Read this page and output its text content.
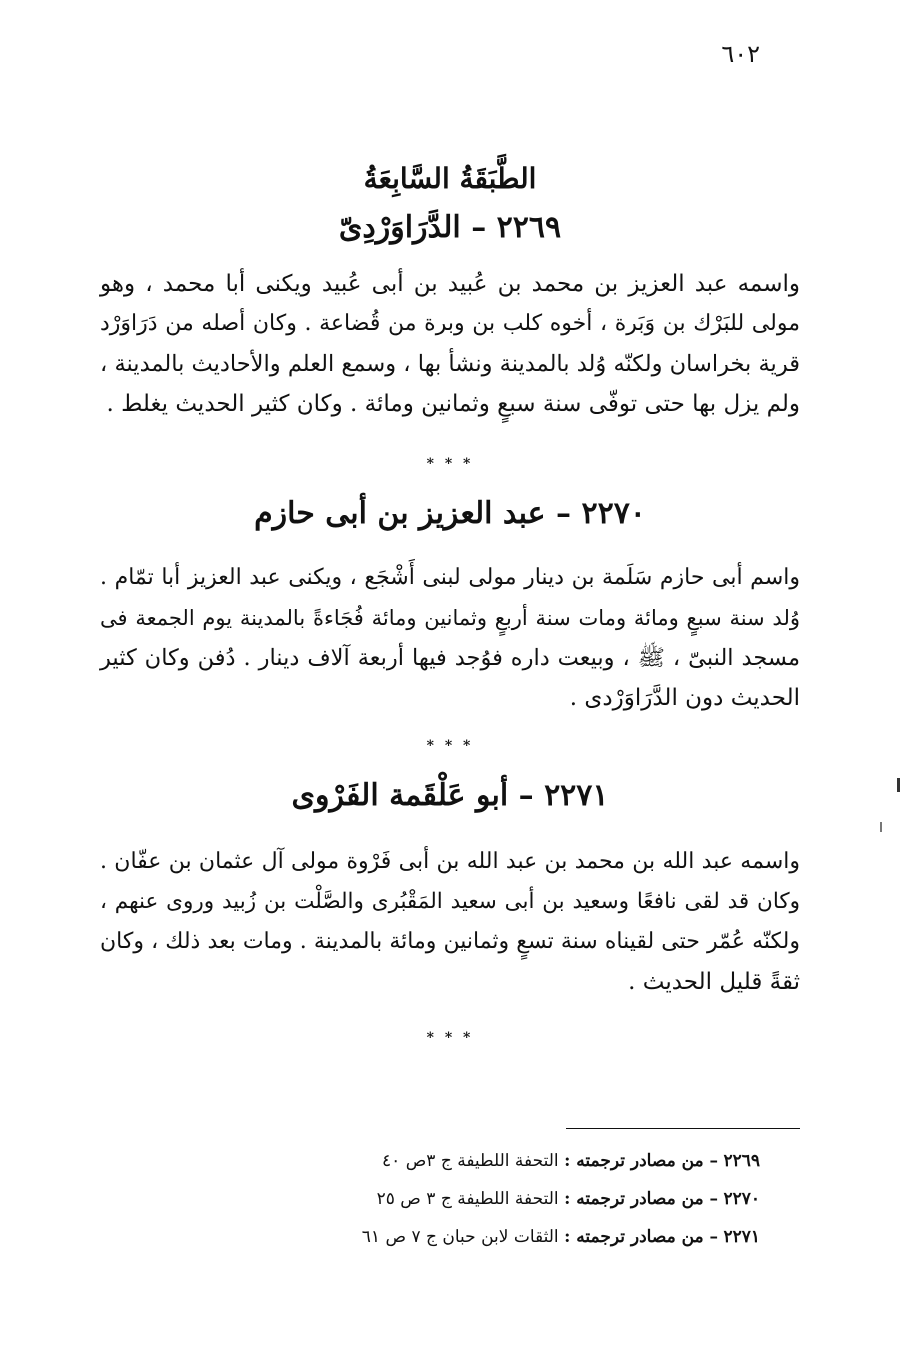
٦٠٢
الطَّبَقَةُ السَّابِعَةُ
٢٢٦٩ – الدَّرَاوَرْدِىّ
واسمه عبد العزيز بن محمد بن عُبيد بن أبى عُبيد ويكنى أبا محمد ، وهو
مولى للبَرْك بن وَبَرة ، أخوه كلب بن وبرة من قُضاعة . وكان أصله من دَرَاوَرْد
قرية بخراسان ولكنّه وُلد بالمدينة ونشأ بها ، وسمع العلم والأحاديث بالمدينة ،
ولم يزل بها حتى توفّى سنة سبعٍ وثمانين ومائة . وكان كثير الحديث يغلط .
* * *
٢٢٧٠ – عبد العزيز بن أبى حازم
واسم أبى حازم سَلَمة بن دينار مولى لبنى أَشْجَع ، ويكنى عبد العزيز أبا تمّام .
وُلد سنة سبعٍ ومائة ومات سنة أربعٍ وثمانين ومائة فُجَاءةً بالمدينة يوم الجمعة فى
مسجد النبىّ ، ﷺ ، وبيعت داره فوُجد فيها أربعة آلاف دينار . دُفن وكان كثير
الحديث دون الدَّرَاوَرْدى .
* * *
٢٢٧١ – أبو عَلْقَمة الفَرْوى
واسمه عبد الله بن محمد بن عبد الله بن أبى فَرْوة مولى آل عثمان بن عفّان .
وكان قد لقى نافعًا وسعيد بن أبى سعيد المَقْبُرى والصَّلْت بن زُبيد وروى عنهم ،
ولكنّه عُمّر حتى لقيناه سنة تسعٍ وثمانين ومائة بالمدينة . ومات بعد ذلك ، وكان
ثقةً قليل الحديث .
* * *
٢٢٦٩ – من مصادر ترجمته : التحفة اللطيفة ج ٣ص ٤٠
٢٢٧٠ – من مصادر ترجمته : التحفة اللطيفة ج ٣ ص ٢٥
٢٢٧١ – من مصادر ترجمته : الثقات لابن حبان ج ٧ ص ٦١
